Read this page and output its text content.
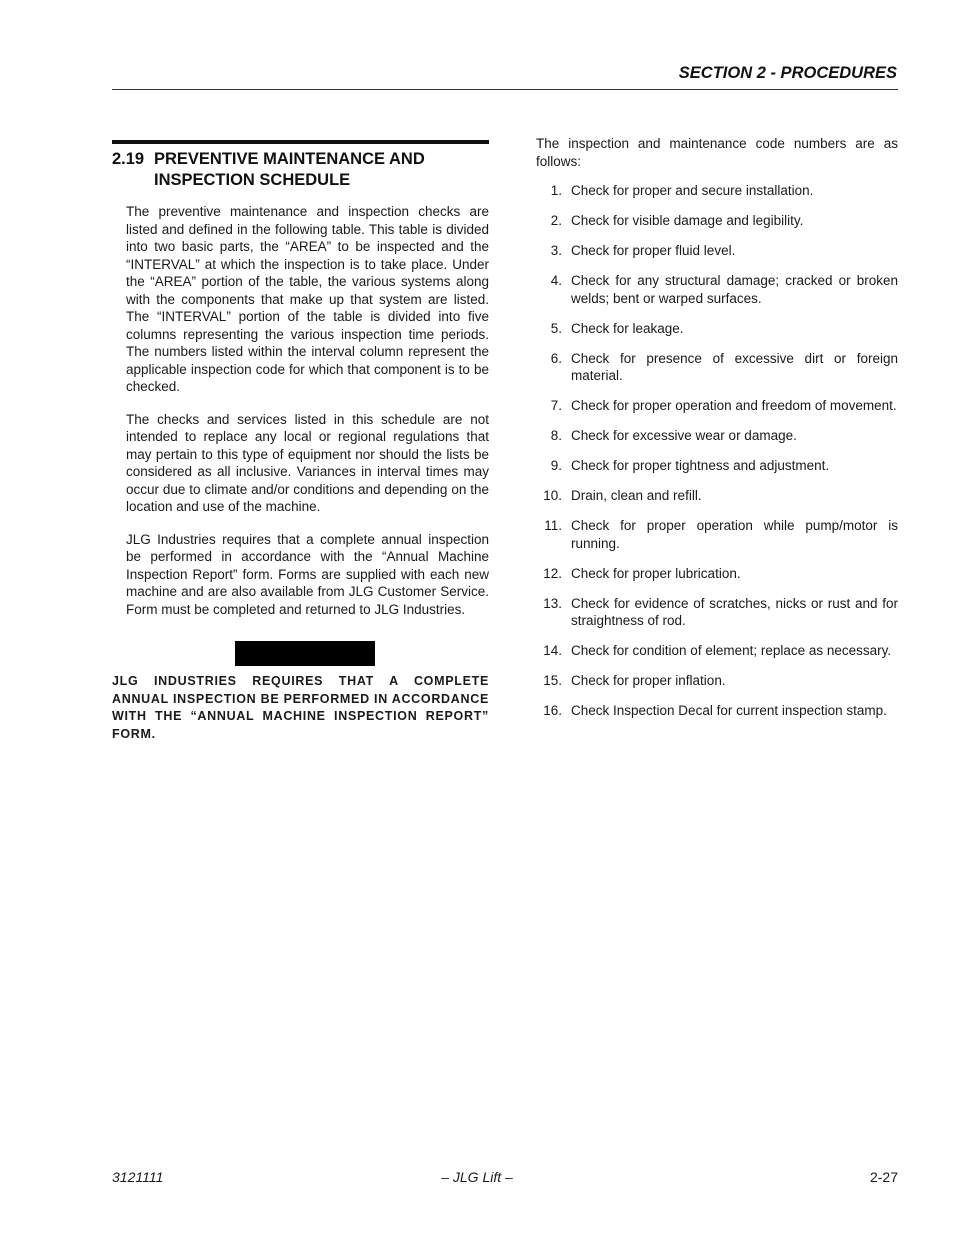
SECTION 2 - PROCEDURES
2.19 PREVENTIVE MAINTENANCE AND INSPECTION SCHEDULE

The preventive maintenance and inspection checks are listed and defined in the following table. This table is divided into two basic parts, the “AREA” to be inspected and the “INTERVAL” at which the inspection is to take place. Under the “AREA” portion of the table, the various systems along with the components that make up that system are listed. The “INTERVAL” portion of the table is divided into five columns representing the various inspection time periods. The numbers listed within the interval column represent the applicable inspection code for which that component is to be checked.

The checks and services listed in this schedule are not intended to replace any local or regional regulations that may pertain to this type of equipment nor should the lists be considered as all inclusive. Variances in interval times may occur due to climate and/or conditions and depending on the location and use of the machine.

JLG Industries requires that a complete annual inspection be performed in accordance with the “Annual Machine Inspection Report” form. Forms are supplied with each new machine and are also available from JLG Customer Service. Form must be completed and returned to JLG Industries.

JLG INDUSTRIES REQUIRES THAT A COMPLETE ANNUAL INSPECTION BE PERFORMED IN ACCORDANCE WITH THE “ANNUAL MACHINE INSPECTION REPORT” FORM.

The inspection and maintenance code numbers are as follows:

1. Check for proper and secure installation.
2. Check for visible damage and legibility.
3. Check for proper fluid level.
4. Check for any structural damage; cracked or broken welds; bent or warped surfaces.
5. Check for leakage.
6. Check for presence of excessive dirt or foreign material.
7. Check for proper operation and freedom of movement.
8. Check for excessive wear or damage.
9. Check for proper tightness and adjustment.
10. Drain, clean and refill.
11. Check for proper operation while pump/motor is running.
12. Check for proper lubrication.
13. Check for evidence of scratches, nicks or rust and for straightness of rod.
14. Check for condition of element; replace as necessary.
15. Check for proper inflation.
16. Check Inspection Decal for current inspection stamp.
3121111	– JLG Lift –	2-27
